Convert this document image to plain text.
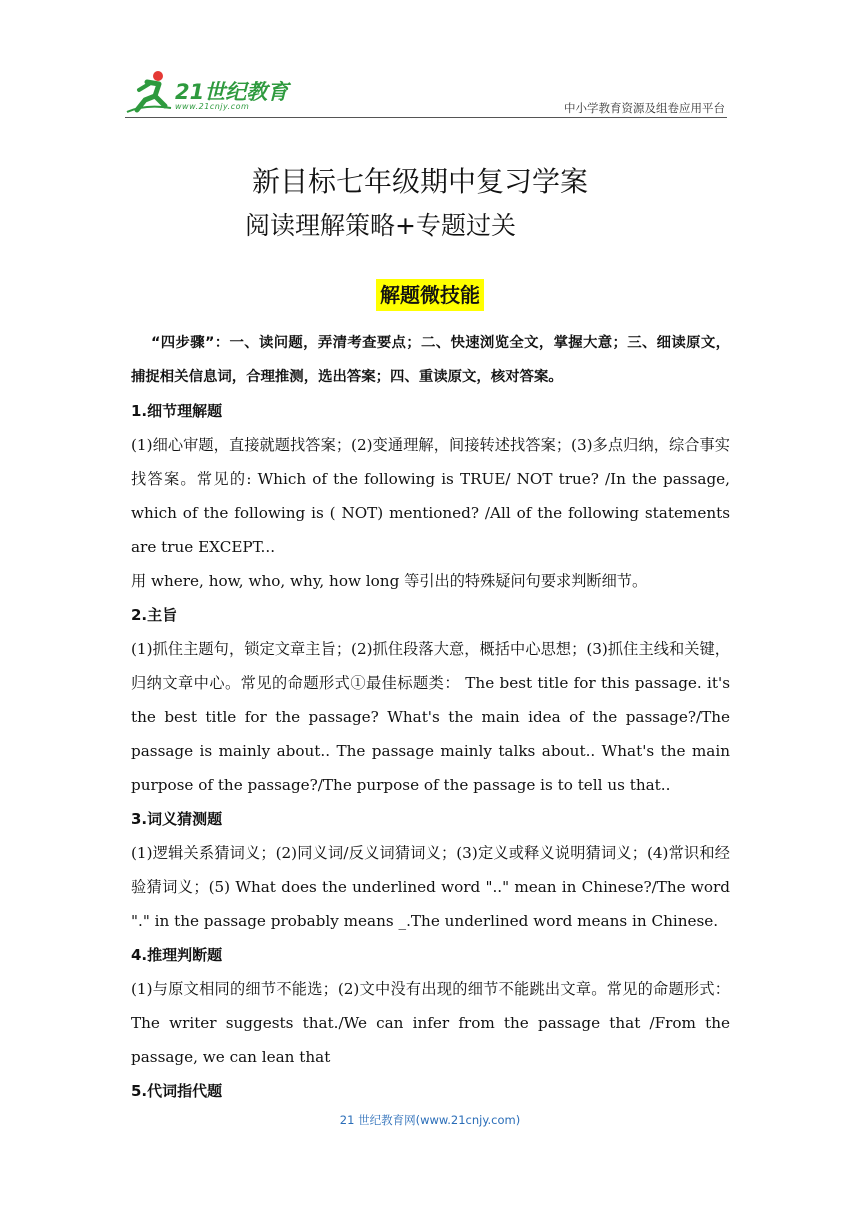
21世纪教育
www.21cnjy.com	中小学教育资源及组卷应用平台
新目标七年级期中复习学案
阅读理解策略+专题过关
解题微技能

“四步骤”：一、读问题，弄清考查要点；二、快速浏览全文，掌握大意；三、细读原文，捕捉相关信息词，合理推测，选出答案；四、重读原文，核对答案。

1.细节理解题

(1)细心审题，直接就题找答案；(2)变通理解，间接转述找答案；(3)多点归纳，综合事实找答案。常见的: Which of the following is TRUE/ NOT true? /In the passage, which of the following is ( NOT) mentioned? /All of the following statements are true EXCEPT...

用 where, how, who, why, how long 等引出的特殊疑问句要求判断细节。

2.主旨

(1)抓住主题句，锁定文章主旨；(2)抓住段落大意，概括中心思想；(3)抓住主线和关键，归纳文章中心。常见的命题形式①最佳标题类： The best title for this passage. it's the best title for the passage? What's the main idea of the passage?/The passage is mainly about.. The passage mainly talks about.. What's the main purpose of the passage?/The purpose of the passage is to tell us that..

3.词义猜测题

(1)逻辑关系猜词义；(2)同义词/反义词猜词义；(3)定义或释义说明猜词义；(4)常识和经验猜词义；(5) What does the underlined word ".." mean in Chinese?/The word "." in the passage probably means _.The underlined word means in Chinese.

4.推理判断题

(1)与原文相同的细节不能选；(2)文中没有出现的细节不能跳出文章。常见的命题形式： The writer suggests that./We can infer from the passage that /From the passage, we can lean that

5.代词指代题

21 世纪教育网(www.21cnjy.com)
